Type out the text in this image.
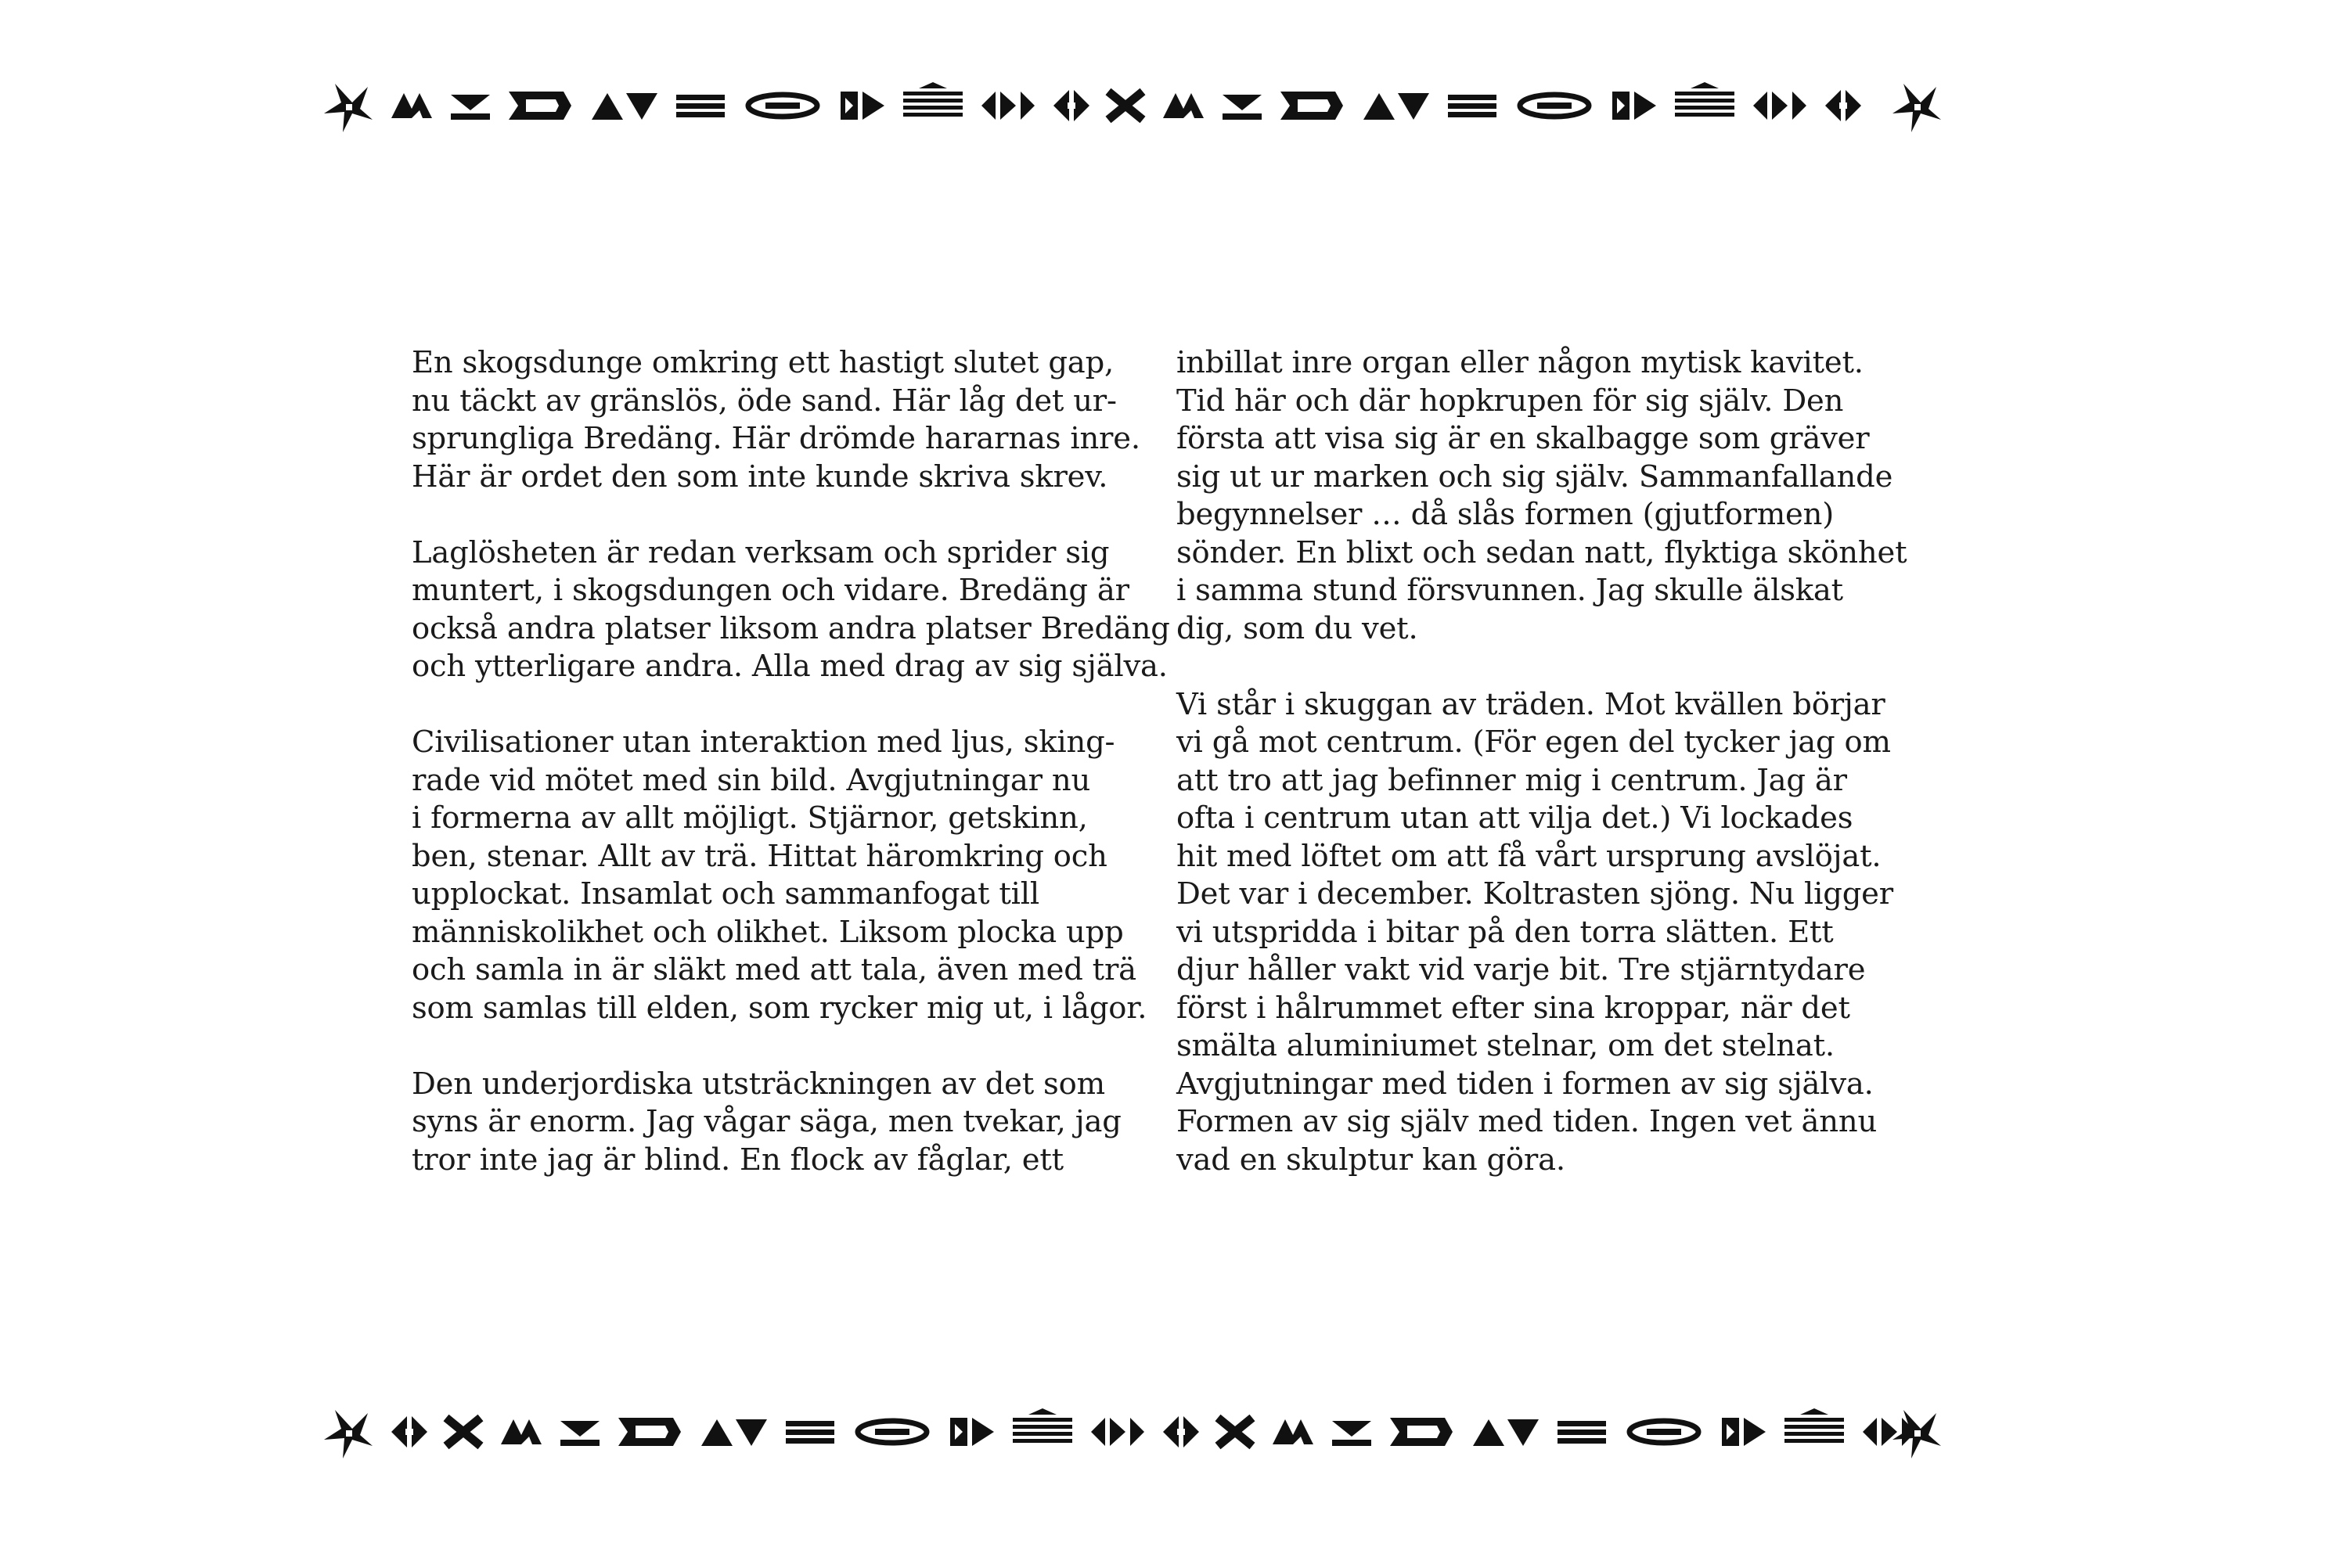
En skogsdunge omkring ett hastigt slutet gap,
nu täckt av gränslös, öde sand. Här låg det ur-
sprungliga Bredäng. Här drömde hararnas inre.
Här är ordet den som inte kunde skriva skrev.
Laglösheten är redan verksam och sprider sig
muntert, i skogsdungen och vidare. Bredäng är
också andra platser liksom andra platser Bredäng
och ytterligare andra. Alla med drag av sig själva.
Civilisationer utan interaktion med ljus, sking-
rade vid mötet med sin bild. Avgjutningar nu
i formerna av allt möjligt. Stjärnor, getskinn,
ben, stenar. Allt av trä. Hittat häromkring och
upplockat. Insamlat och sammanfogat till
människolikhet och olikhet. Liksom plocka upp
och samla in är släkt med att tala, även med trä
som samlas till elden, som rycker mig ut, i lågor.
Den underjordiska utsträckningen av det som
syns är enorm. Jag vågar säga, men tvekar, jag
tror inte jag är blind. En flock av fåglar, ett
inbillat inre organ eller någon mytisk kavitet.
Tid här och där hopkrupen för sig själv. Den
första att visa sig är en skalbagge som gräver
sig ut ur marken och sig själv. Sammanfallande
begynnelser … då slås formen (gjutformen)
sönder. En blixt och sedan natt, flyktiga skönhet
i samma stund försvunnen. Jag skulle älskat
dig, som du vet.
Vi står i skuggan av träden. Mot kvällen börjar
vi gå mot centrum. (För egen del tycker jag om
att tro att jag befinner mig i centrum. Jag är
ofta i centrum utan att vilja det.) Vi lockades
hit med löftet om att få vårt ursprung avslöjat.
Det var i december. Koltrasten sjöng. Nu ligger
vi utspridda i bitar på den torra slätten. Ett
djur håller vakt vid varje bit. Tre stjärntydare
först i hålrummet efter sina kroppar, när det
smälta aluminiumet stelnar, om det stelnat.
Avgjutningar med tiden i formen av sig själva.
Formen av sig själv med tiden. Ingen vet ännu
vad en skulptur kan göra.
